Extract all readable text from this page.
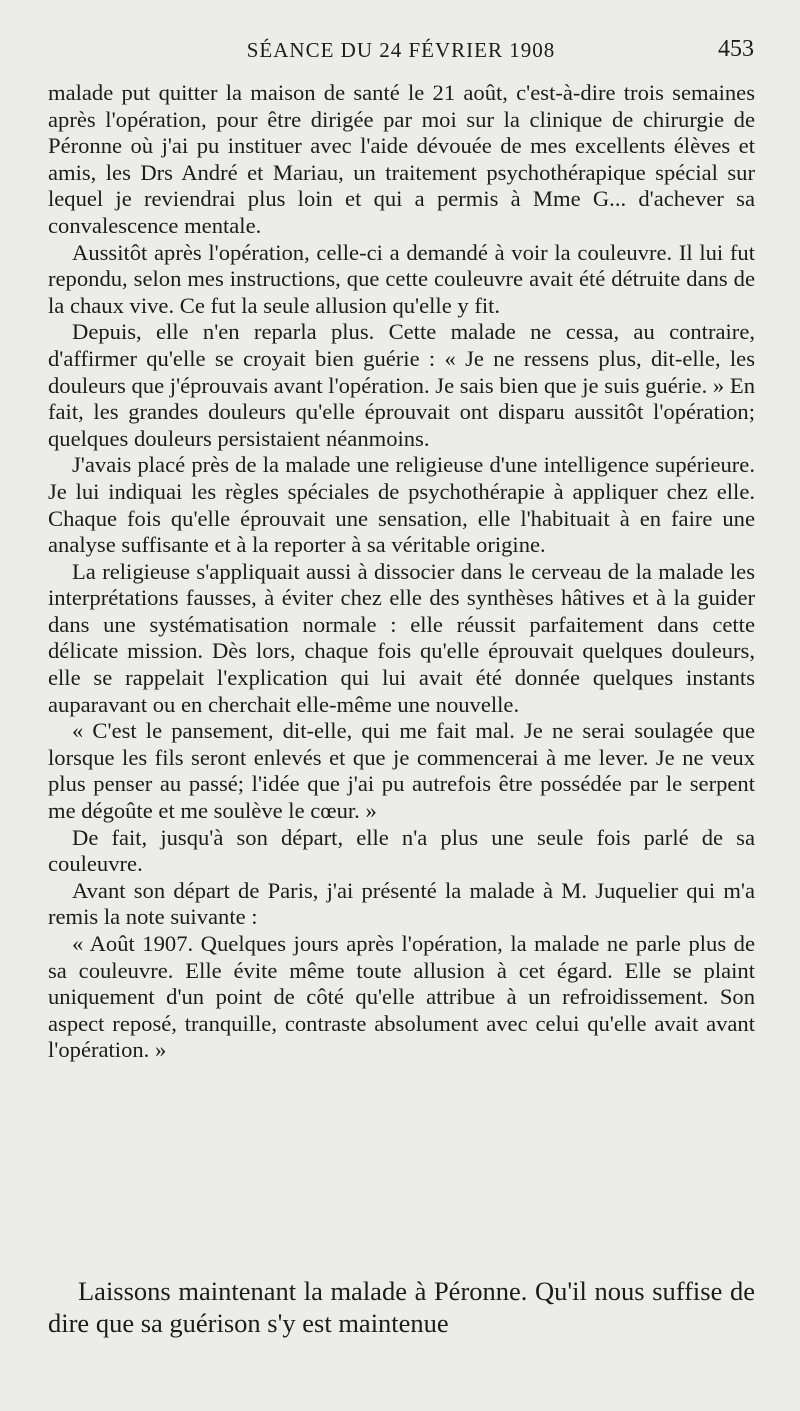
SÉANCE DU 24 FÉVRIER 1908	453

malade put quitter la maison de santé le 21 août, c'est-à-dire trois semaines après l'opération, pour être dirigée par moi sur la clinique de chirurgie de Péronne où j'ai pu instituer avec l'aide dévouée de mes excellents élèves et amis, les Drs André et Mariau, un traitement psychothérapique spécial sur lequel je reviendrai plus loin et qui a permis à Mme G... d'achever sa convalescence mentale.

Aussitôt après l'opération, celle-ci a demandé à voir la couleuvre. Il lui fut repondu, selon mes instructions, que cette couleuvre avait été détruite dans de la chaux vive. Ce fut la seule allusion qu'elle y fit.

Depuis, elle n'en reparla plus. Cette malade ne cessa, au contraire, d'affirmer qu'elle se croyait bien guérie : « Je ne ressens plus, dit-elle, les douleurs que j'éprouvais avant l'opération. Je sais bien que je suis guérie. » En fait, les grandes douleurs qu'elle éprouvait ont disparu aussitôt l'opération; quelques douleurs persistaient néanmoins.

J'avais placé près de la malade une religieuse d'une intelligence supérieure. Je lui indiquai les règles spéciales de psychothérapie à appliquer chez elle. Chaque fois qu'elle éprouvait une sensation, elle l'habituait à en faire une analyse suffisante et à la reporter à sa véritable origine.

La religieuse s'appliquait aussi à dissocier dans le cerveau de la malade les interprétations fausses, à éviter chez elle des synthèses hâtives et à la guider dans une systématisation normale : elle réussit parfaitement dans cette délicate mission. Dès lors, chaque fois qu'elle éprouvait quelques douleurs, elle se rappelait l'explication qui lui avait été donnée quelques instants auparavant ou en cherchait elle-même une nouvelle.

« C'est le pansement, dit-elle, qui me fait mal. Je ne serai soulagée que lorsque les fils seront enlevés et que je commencerai à me lever. Je ne veux plus penser au passé; l'idée que j'ai pu autrefois être possédée par le serpent me dégoûte et me soulève le cœur. »

De fait, jusqu'à son départ, elle n'a plus une seule fois parlé de sa couleuvre.

Avant son départ de Paris, j'ai présenté la malade à M. Juquelier qui m'a remis la note suivante :

« Août 1907. Quelques jours après l'opération, la malade ne parle plus de sa couleuvre. Elle évite même toute allusion à cet égard. Elle se plaint uniquement d'un point de côté qu'elle attribue à un refroidissement. Son aspect reposé, tranquille, contraste absolument avec celui qu'elle avait avant l'opération. »

Laissons maintenant la malade à Péronne. Qu'il nous suffise de dire que sa guérison s'y est maintenue
